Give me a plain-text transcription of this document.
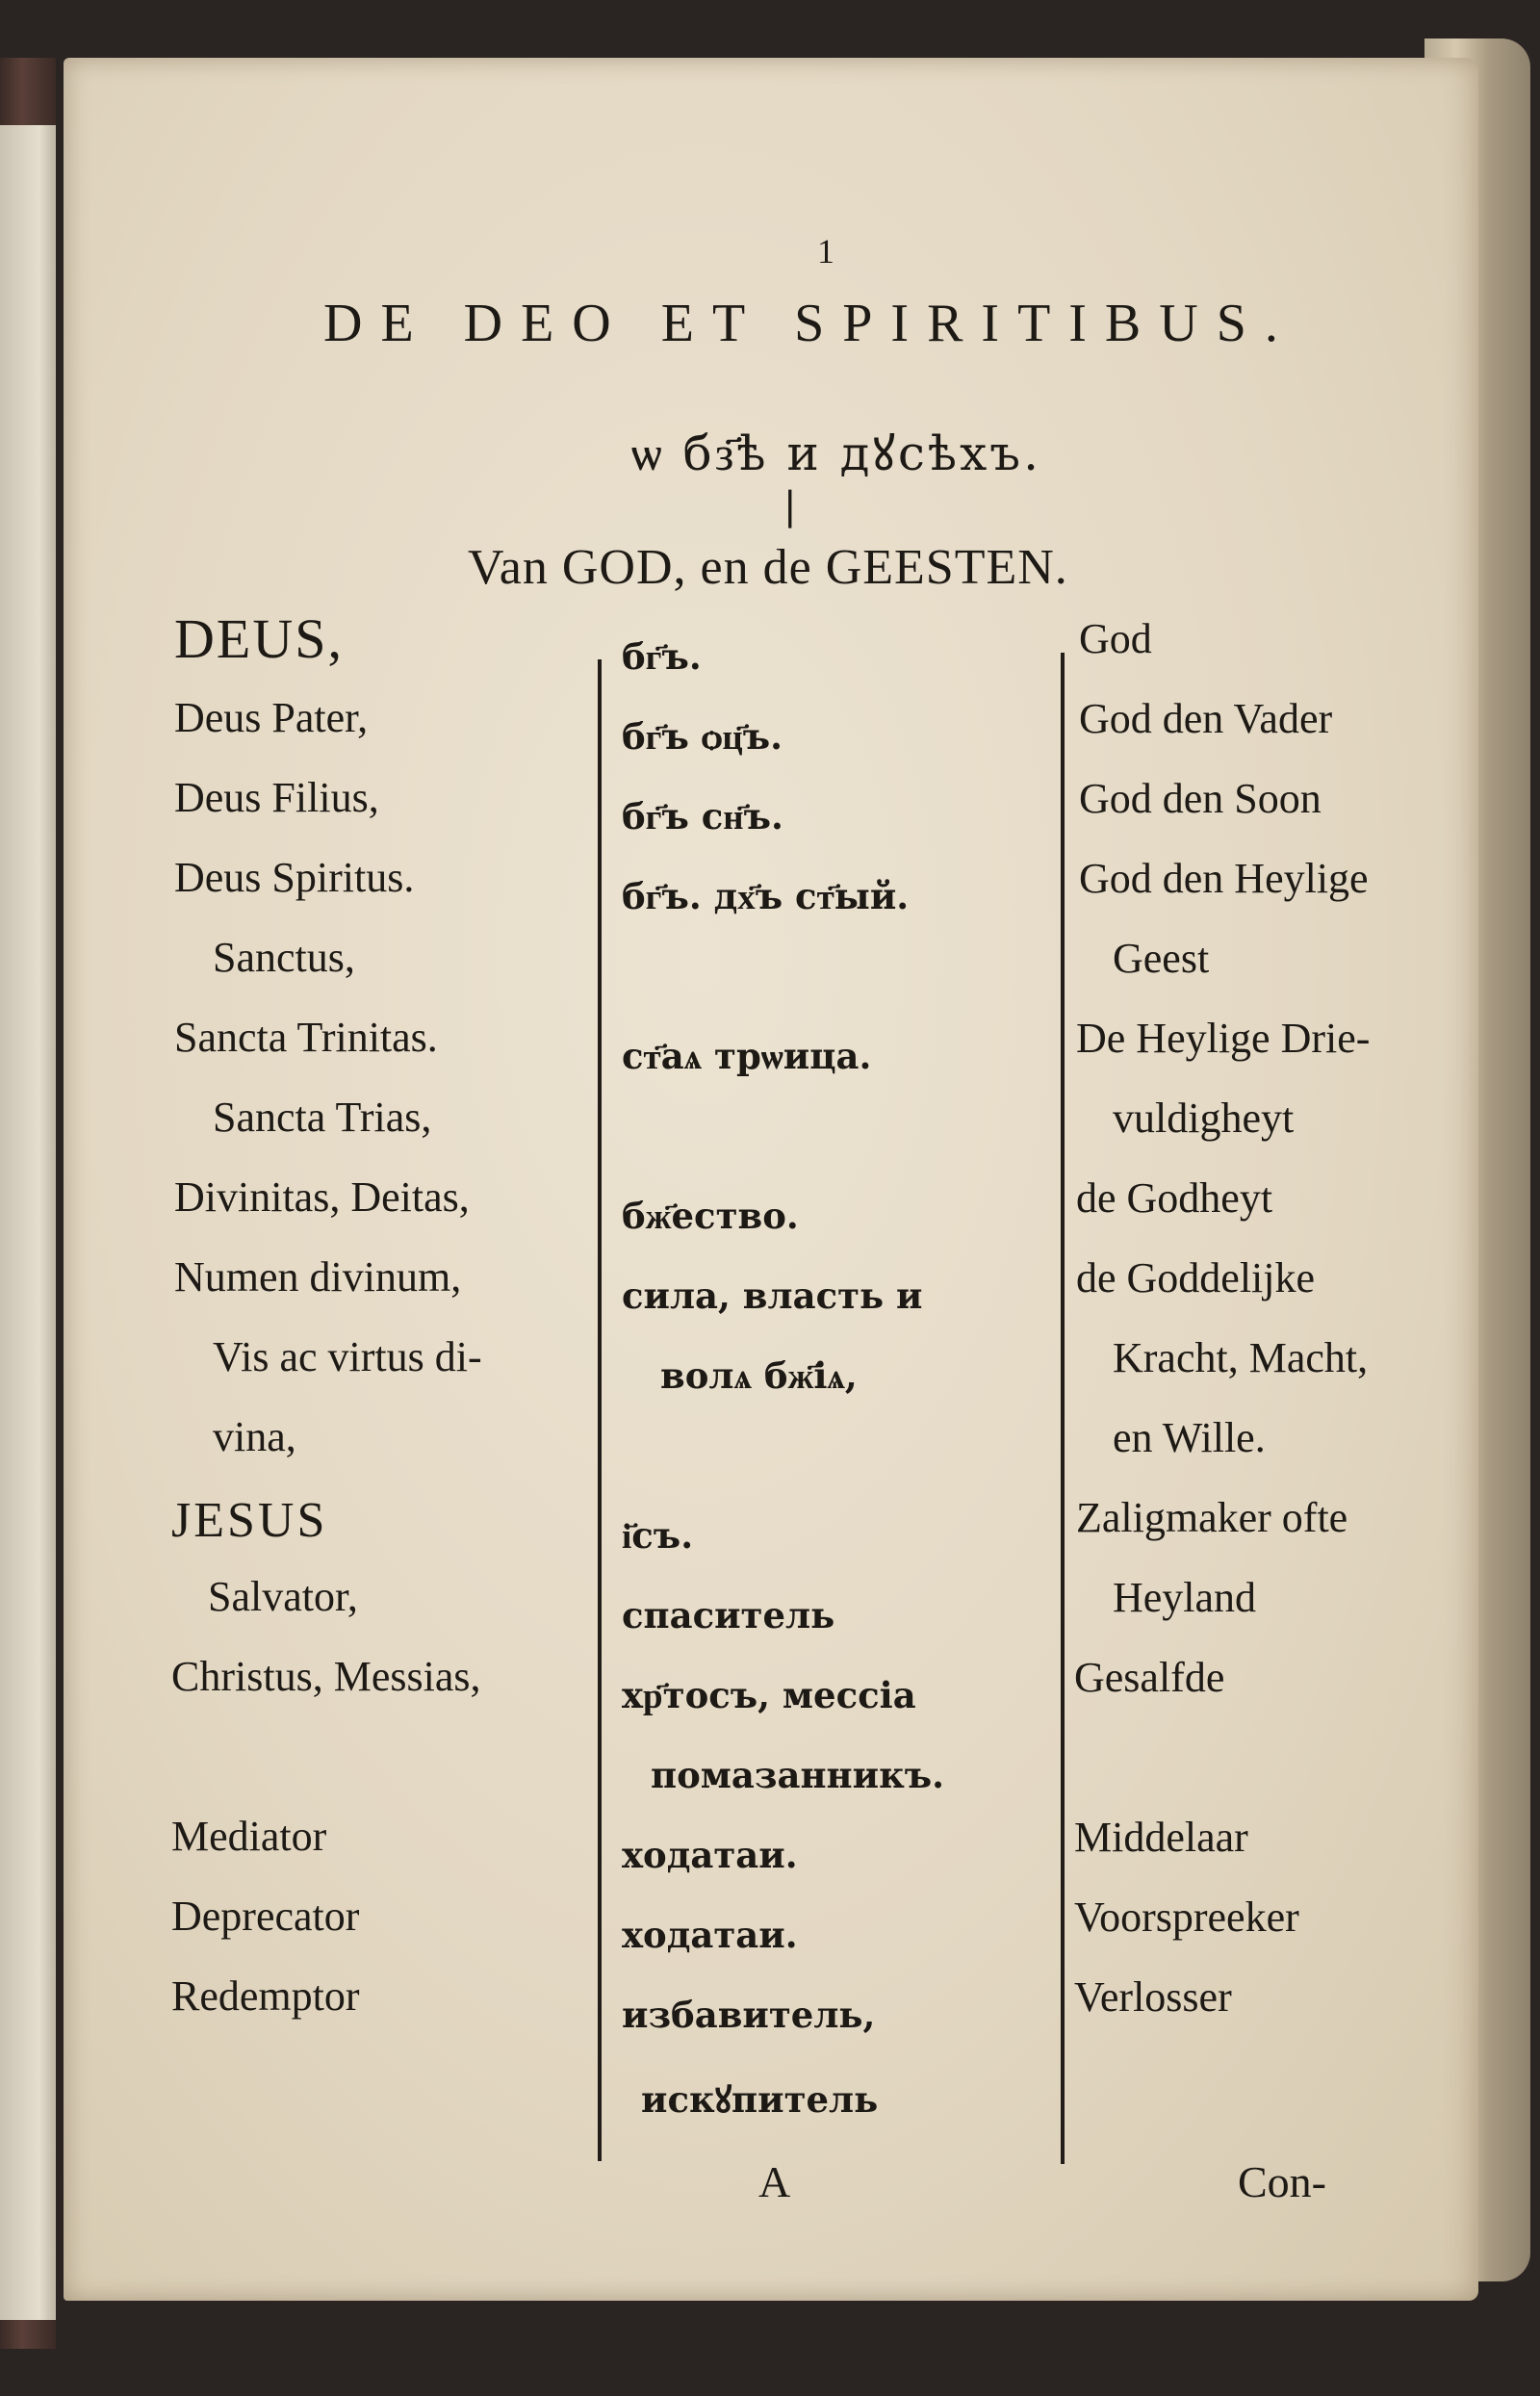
1
DE DEO ET SPIRITIBUS.
ѡ бз҃ѣ и дꙋсѣхъ.
❘
Van GOD, en de GEESTEN.
DEUS,
Deus Pater,
Deus Filius,
Deus Spiritus.
Sanctus,
Sancta Trinitas.
Sancta Trias,
Divinitas, Deitas,
Numen divinum,
Vis ac virtus di-
vina,
JESUS
Salvator,
Christus, Messias,
Mediator
Deprecator
Redemptor
бг҃ъ.
бг҃ъ ѻц҃ъ.
бг҃ъ сн҃ъ.
бг҃ъ. дх҃ъ ст҃ый.
ст҃аѧ трѡица.
бж҃ество.
сила, власть и
волѧ бж҃іѧ,
і҃съ.
спаситель
хр҃тосъ, мессіа
помазанникъ.
ходатаи.
ходатаи.
избавитель,
искꙋпитель
God
God den Vader
God den Soon
God den Heylige
Geest
De Heylige Drie-
vuldigheyt
de Godheyt
de Goddelijke
Kracht, Macht,
en Wille.
Zaligmaker ofte
Heyland
Gesalfde
Middelaar
Voorspreeker
Verlosser
A	Con-
